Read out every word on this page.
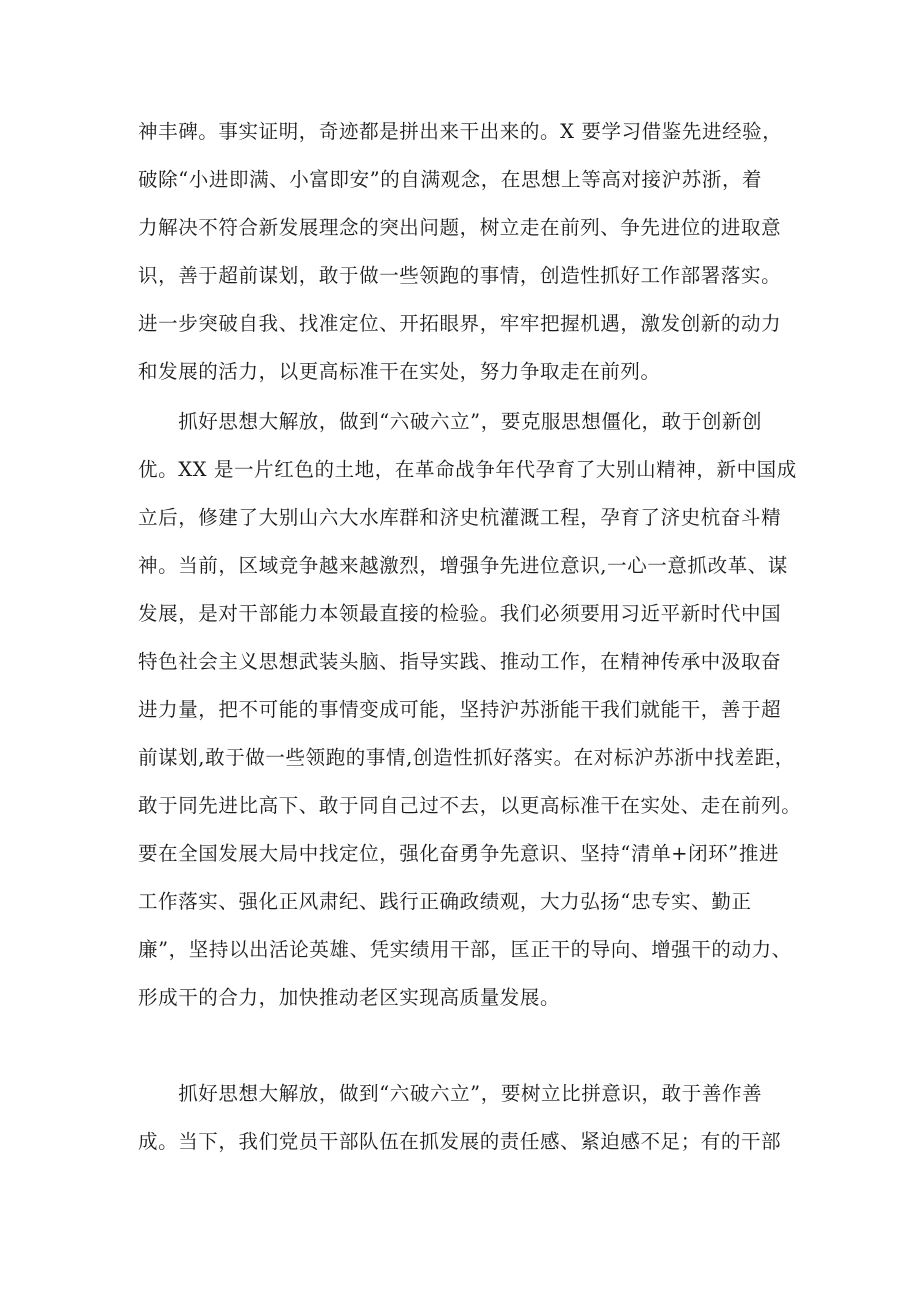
神丰碑。事实证明，奇迹都是拼出来干出来的。X 要学习借鉴先进经验，
破除“小进即满、小富即安”的自满观念，在思想上等高对接沪苏浙，着
力解决不符合新发展理念的突出问题，树立走在前列、争先进位的进取意
识，善于超前谋划，敢于做一些领跑的事情，创造性抓好工作部署落实。
进一步突破自我、找准定位、开拓眼界，牢牢把握机遇，激发创新的动力
和发展的活力，以更高标准干在实处，努力争取走在前列。
　　抓好思想大解放，做到“六破六立”，要克服思想僵化，敢于创新创
优。XX 是一片红色的土地，在革命战争年代孕育了大别山精神，新中国成
立后，修建了大别山六大水库群和济史杭灌溉工程，孕育了济史杭奋斗精
神。当前，区域竞争越来越激烈，增强争先进位意识,一心一意抓改革、谋
发展，是对干部能力本领最直接的检验。我们必须要用习近平新时代中国
特色社会主义思想武装头脑、指导实践、推动工作，在精神传承中汲取奋
进力量，把不可能的事情变成可能，坚持沪苏浙能干我们就能干，善于超
前谋划,敢于做一些领跑的事情,创造性抓好落实。在对标沪苏浙中找差距，
敢于同先进比高下、敢于同自己过不去，以更高标准干在实处、走在前列。
要在全国发展大局中找定位，强化奋勇争先意识、坚持“清单+闭环”推进
工作落实、强化正风肃纪、践行正确政绩观，大力弘扬“忠专实、勤正
廉”，坚持以出活论英雄、凭实绩用干部，匡正干的导向、增强干的动力、
形成干的合力，加快推动老区实现高质量发展。
　　抓好思想大解放，做到“六破六立”，要树立比拼意识，敢于善作善
成。当下，我们党员干部队伍在抓发展的责任感、紧迫感不足；有的干部
